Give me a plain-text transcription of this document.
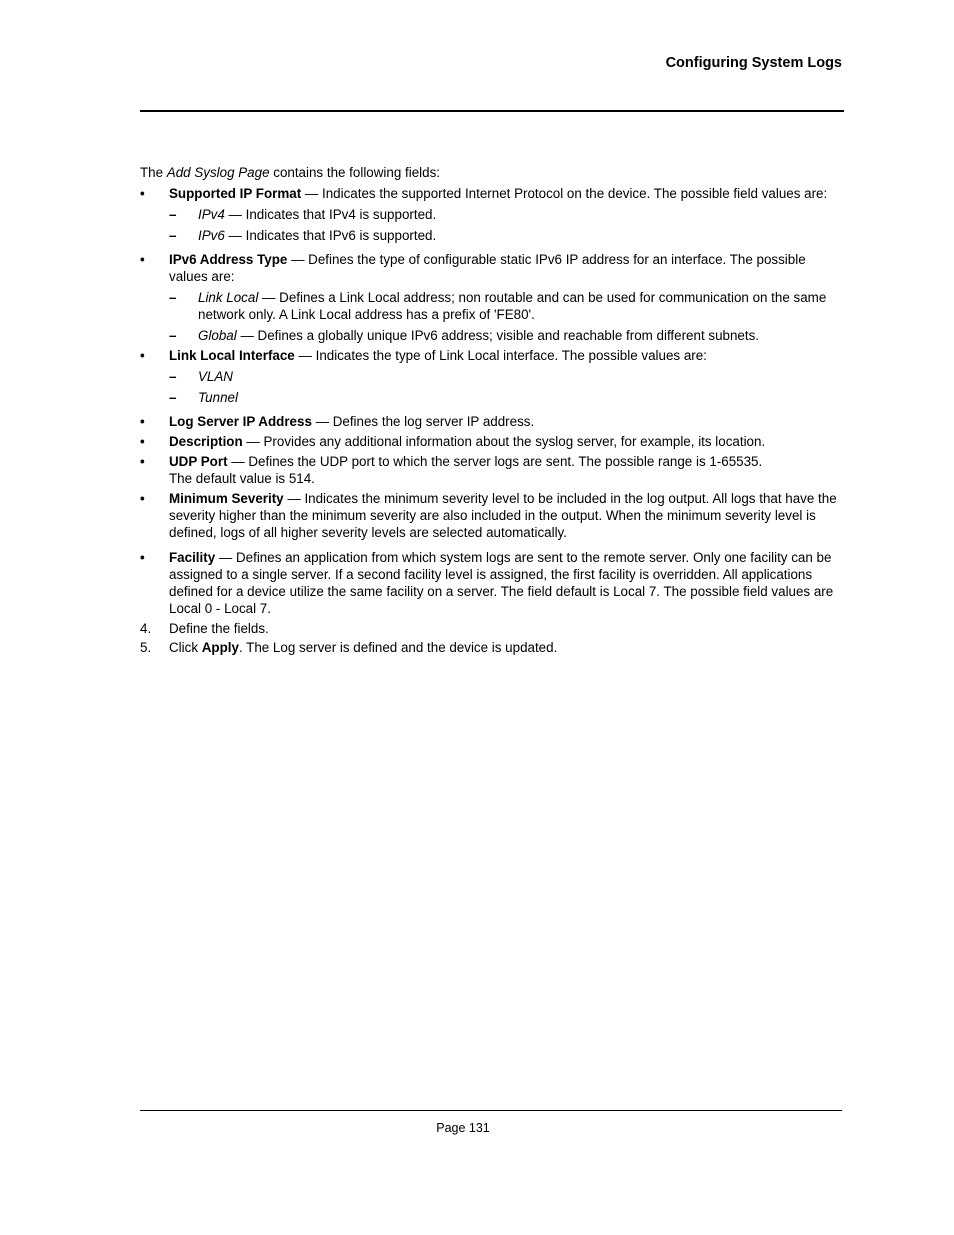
Configuring System Logs

The Add Syslog Page contains the following fields:

• Supported IP Format — Indicates the supported Internet Protocol on the device. The possible field values are:
– IPv4 — Indicates that IPv4 is supported.
– IPv6 — Indicates that IPv6 is supported.
• IPv6 Address Type — Defines the type of configurable static IPv6 IP address for an interface. The possible values are:
– Link Local — Defines a Link Local address; non routable and can be used for communication on the same network only. A Link Local address has a prefix of 'FE80'.
– Global — Defines a globally unique IPv6 address; visible and reachable from different subnets.
• Link Local Interface — Indicates the type of Link Local interface. The possible values are:
– VLAN
– Tunnel
• Log Server IP Address — Defines the log server IP address.
• Description — Provides any additional information about the syslog server, for example, its location.
• UDP Port — Defines the UDP port to which the server logs are sent. The possible range is 1-65535.
The default value is 514.
• Minimum Severity — Indicates the minimum severity level to be included in the log output. All logs that have the severity higher than the minimum severity are also included in the output. When the minimum severity level is defined, logs of all higher severity levels are selected automatically.
• Facility — Defines an application from which system logs are sent to the remote server. Only one facility can be assigned to a single server. If a second facility level is assigned, the first facility is overridden. All applications defined for a device utilize the same facility on a server. The field default is Local 7. The possible field values are Local 0 - Local 7.
4. Define the fields.
5. Click Apply. The Log server is defined and the device is updated.
Page 131
